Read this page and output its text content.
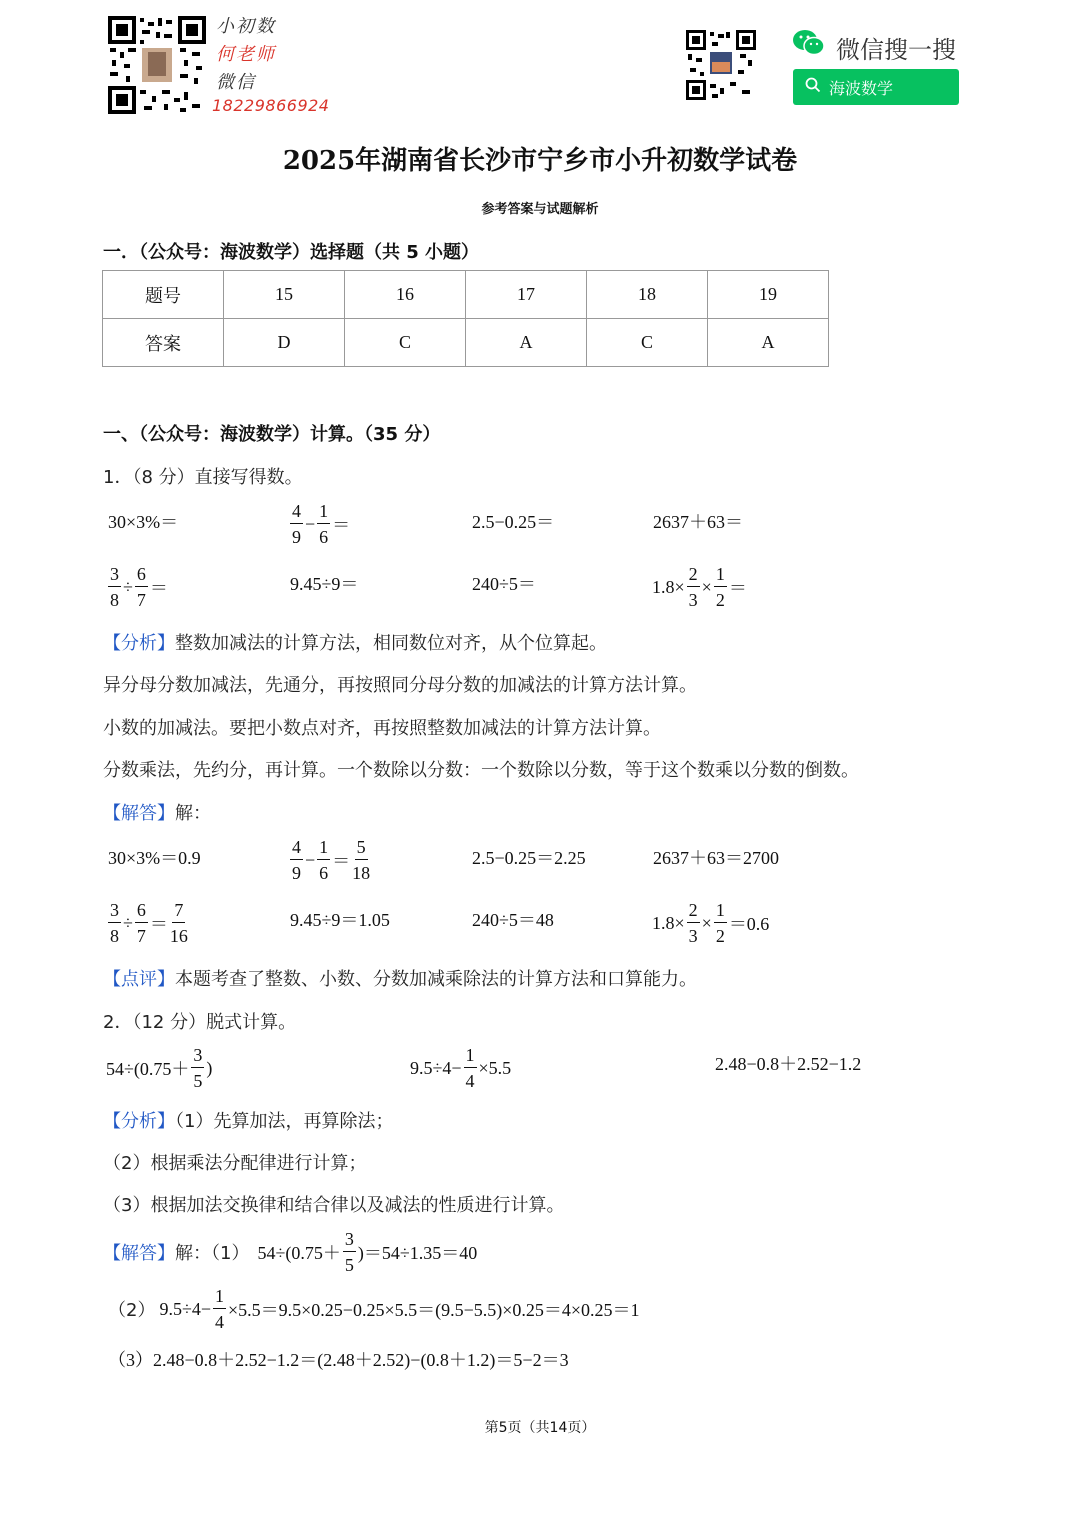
小初数
何老师
微信
18229866924
微信搜一搜
海波数学
2025年湖南省长沙市宁乡市小升初数学试卷
参考答案与试题解析
一．（公众号：海波数学）选择题（共 5 小题）
题号	15	16	17	18	19
答案	D	C	A	C	A
一、（公众号：海波数学）计算。（35 分）
1．（8 分）直接写得数。
30×3%＝	$\frac{4}{9} - \frac{1}{6}$ ＝	2.5−0.25＝	2637＋63＝
$\frac{3}{8} \div \frac{6}{7}$ ＝	9.45÷9＝	240÷5＝	$1.8\times \frac{2}{3} \times \frac{1}{2}$ ＝
【分析】整数加减法的计算方法，相同数位对齐，从个位算起。
异分母分数加减法，先通分，再按照同分母分数的加减法的计算方法计算。
小数的加减法。要把小数点对齐，再按照整数加减法的计算方法计算。
分数乘法，先约分，再计算。一个数除以分数：一个数除以分数，等于这个数乘以分数的倒数。
【解答】解：
30×3%＝0.9	$\frac{4}{9} - \frac{1}{6} = \frac{5}{18}$	2.5−0.25＝2.25	2637＋63＝2700
$\frac{3}{8} \div \frac{6}{7} = \frac{7}{16}$	9.45÷9＝1.05	240÷5＝48	$1.8\times \frac{2}{3} \times \frac{1}{2} =0.6$
【点评】本题考查了整数、小数、分数加减乘除法的计算方法和口算能力。
2．（12 分）脱式计算。
$54\div(0.75+ \frac{3}{5}$ )	$9.5\div 4- \frac{1}{4} \times 5.5$	2.48−0.8＋2.52−1.2
【分析】（1）先算加法，再算除法；
（2）根据乘法分配律进行计算；
（3）根据加法交换律和结合律以及减法的性质进行计算。
【解答】 解：（1） $54\div(0.75+ \frac{3}{5} )=54\div 1.35=40$
（2） $9.5\div 4- \frac{1}{4} \times 5.5=9.5\times 0.25-0.25\times 5.5=(9.5-5.5)\times 0.25=4\times 0.25=1$
（3）2.48−0.8＋2.52−1.2＝(2.48＋2.52)−(0.8＋1.2)＝5−2＝3
第5页（共14页）
